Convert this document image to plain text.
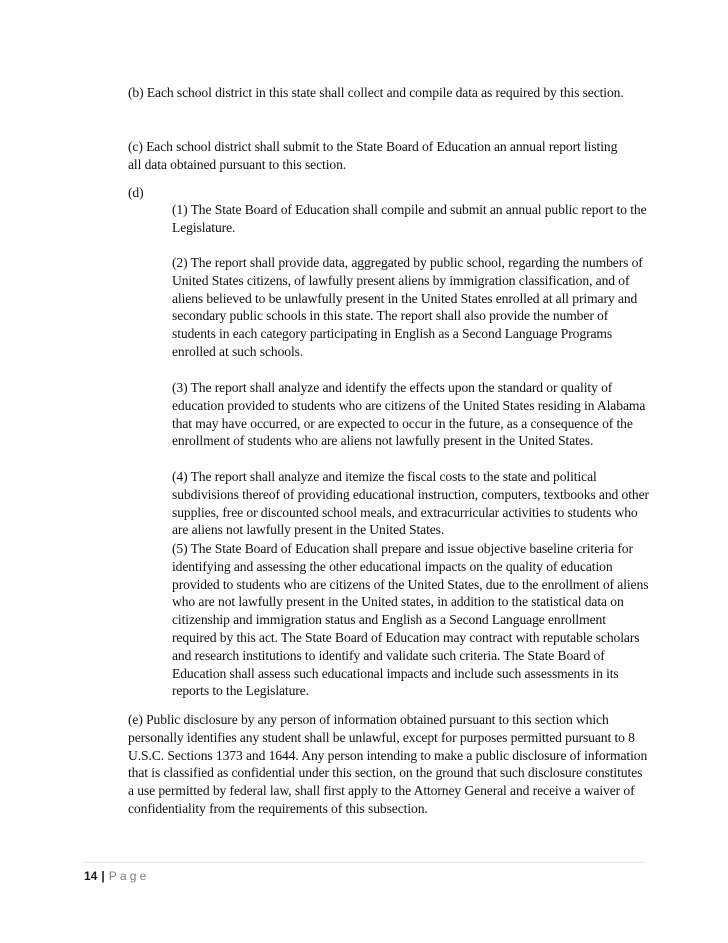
(b) Each school district in this state shall collect and compile data as required by this section.
(c) Each school district shall submit to the State Board of Education an annual report listing all data obtained pursuant to this section.
(d)
(1) The State Board of Education shall compile and submit an annual public report to the Legislature.
(2) The report shall provide data, aggregated by public school, regarding the numbers of United States citizens, of lawfully present aliens by immigration classification, and of aliens believed to be unlawfully present in the United States enrolled at all primary and secondary public schools in this state. The report shall also provide the number of students in each category participating in English as a Second Language Programs enrolled at such schools.
(3) The report shall analyze and identify the effects upon the standard or quality of education provided to students who are citizens of the United States residing in Alabama that may have occurred, or are expected to occur in the future, as a consequence of the enrollment of students who are aliens not lawfully present in the United States.
(4) The report shall analyze and itemize the fiscal costs to the state and political subdivisions thereof of providing educational instruction, computers, textbooks and other supplies, free or discounted school meals, and extracurricular activities to students who are aliens not lawfully present in the United States.
(5) The State Board of Education shall prepare and issue objective baseline criteria for identifying and assessing the other educational impacts on the quality of education provided to students who are citizens of the United States, due to the enrollment of aliens who are not lawfully present in the United states, in addition to the statistical data on citizenship and immigration status and English as a Second Language enrollment required by this act. The State Board of Education may contract with reputable scholars and research institutions to identify and validate such criteria. The State Board of Education shall assess such educational impacts and include such assessments in its reports to the Legislature.
(e) Public disclosure by any person of information obtained pursuant to this section which personally identifies any student shall be unlawful, except for purposes permitted pursuant to 8 U.S.C. Sections 1373 and 1644. Any person intending to make a public disclosure of information that is classified as confidential under this section, on the ground that such disclosure constitutes a use permitted by federal law, shall first apply to the Attorney General and receive a waiver of confidentiality from the requirements of this subsection.
14 | Page
